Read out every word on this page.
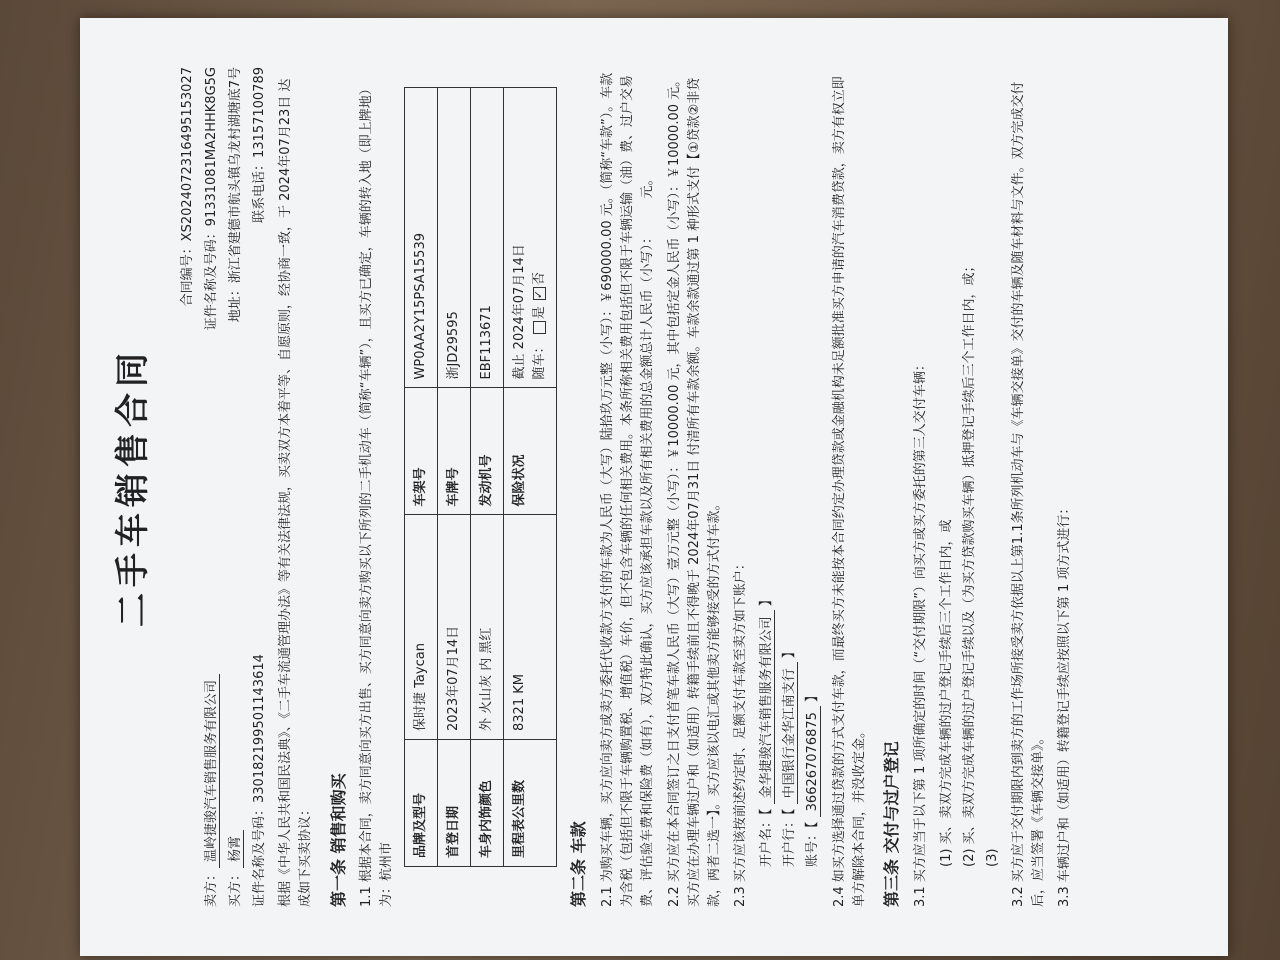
二手车销售合同
合同编号：
XS20240723164951530​27
卖方：温岭捷骏汽车销售服务有限公司
证件名称及号码：91331081MA2HHK8G5G
买方：杨霄
地址：浙江省建德市航头镇乌龙村湖塘底7号
证件名称及号码：330182199501143614
联系电话：13157100789 根据《中华人民共和国民法典》、《二手车流通管理办法》等有关法律法规，买卖双方本着平等、自愿原则，经协商一致，于 2024年07月23日 达成如下买卖协议： 第一条 销售和购买 1.1 根据本合同，卖方同意向买方出售、买方同意向卖方购买以下所列的二手机动车（简称“车辆”），且买方已确定，车辆的转入地（即上牌地）为：杭州市
品牌及型号	保时捷 Taycan	车架号	WP0AA2Y15PSA15539
首登日期	2023年07月14日	车牌号	浙JD29595
车身内饰颜色	外 火山灰 内 黑红	发动机号	EBF113671
里程表公里数	8321 KM	保险状况	截止 2024年07月14日 随车： 是 ✓否
第二条 车款 2.1 为购买车辆，买方应向卖方或卖方委托代收款方支付的车款为人民币（大写）陆拾玖万元整（小写）：￥690000.00 元。（简称“车款”）。车款为含税（包括但不限于车辆购置税、增值税）车价，但不包含车辆的任何相关费用。本条所称相关费用包括但不限于车辆运输（油）费、过户交易费、评估验车费和保险费（如有），双方特此确认，买方应该承担车款以及所有相关费用的总金额总计人民币（小写）：　　　元。 2.2 买方应在本合同签订之日支付首笔车款人民币（大写）壹万元整（小写）：￥10000.00 元，其中包括定金人民币（小写）：￥10000.00 元。买方应在办理车辆过户和（如适用）转籍手续前且不得晚于 2024年07月31日 付清所有车款余额。车款余款通过第 1 种形式支付【①贷款②非贷款，两者二选一】。买方应该以电汇或其他卖方能够接受的方式付车款。 2.3 买方应该按前述约定时、足额支付车款至卖方如下账户： 开户名：【 金华捷骏汽车销售服务有限公司 】
开户行：【 中国银行金华江南支行 】
账号：【 366267076875 】 2.4 如买方选择通过贷款的方式支付车款，而最终买方未能按本合同约定办理贷款或金融机构未足额批准买方申请的汽车消费贷款，卖方有权立即单方解除本合同，并没收定金。 第三条 交付与过户登记 3.1 买方应当于以下第 1 项所确定的时间（“交付期限”）向买方或买方委托的第三人交付车辆： (1) 买、卖双方完成车辆的过户登记手续后三个工作日内，或 (2) 买、卖双方完成车辆的过户登记手续以及（为买方贷款购买车辆）抵押登记手续后三个工作日内，或； (3) 3.2 买方应于交付期限内到卖方的工作场所接受卖方依据以上第1.1条所列机动车与《车辆交接单》交付的车辆及随车材料与文件。双方完成交付后，应当签署《车辆交接单》。 3.3 车辆过户和（如适用）转籍登记手续应按照以下第 1 项方式进行：
